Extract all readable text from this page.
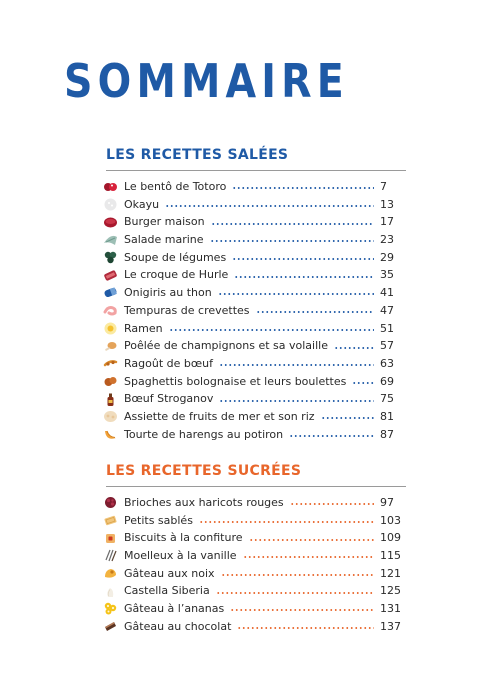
SOMMAIRE
LES RECETTES SALÉES
Le bentô de Totoro	7
Okayu	13
Burger maison	17
Salade marine	23
Soupe de légumes	29
Le croque de Hurle	35
Onigiris au thon	41
Tempuras de crevettes	47
Ramen	51
Poêlée de champignons et sa volaille	57
Ragoût de bœuf	63
Spaghettis bolognaise et leurs boulettes	69
Bœuf Stroganov	75
Assiette de fruits de mer et son riz	81
Tourte de harengs au potiron	87
LES RECETTES SUCRÉES
Brioches aux haricots rouges	97
Petits sablés	103
Biscuits à la confiture	109
Moelleux à la vanille	115
Gâteau aux noix	121
Castella Siberia	125
Gâteau à l’ananas	131
Gâteau au chocolat	137
